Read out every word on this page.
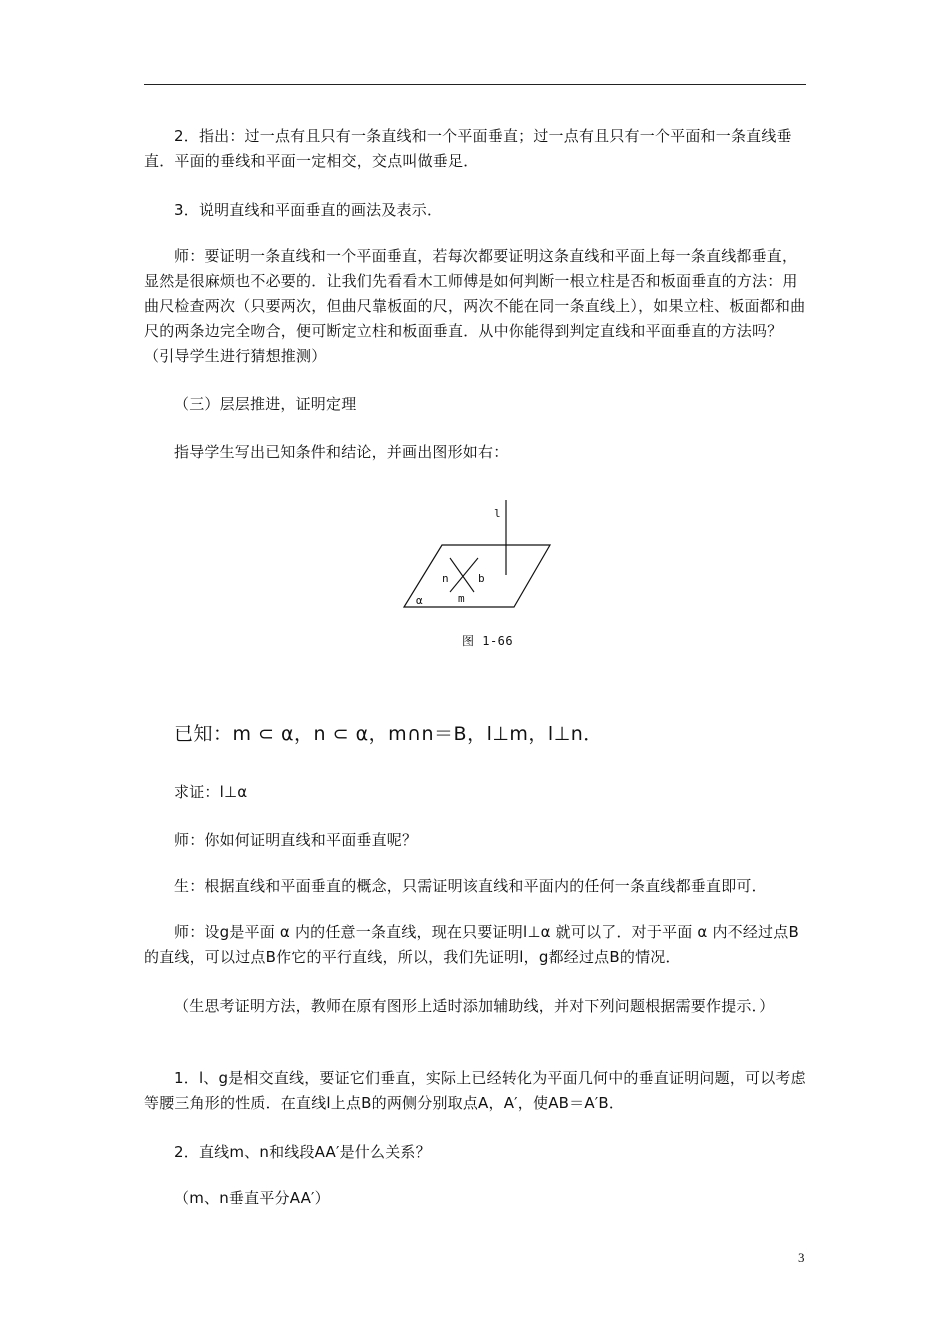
2．指出：过一点有且只有一条直线和一个平面垂直；过一点有且只有一个平面和一条直线垂直．平面的垂线和平面一定相交，交点叫做垂足．
3．说明直线和平面垂直的画法及表示．
师：要证明一条直线和一个平面垂直，若每次都要证明这条直线和平面上每一条直线都垂直，显然是很麻烦也不必要的．让我们先看看木工师傅是如何判断一根立柱是否和板面垂直的方法：用曲尺检查两次（只要两次，但曲尺靠板面的尺，两次不能在同一条直线上），如果立柱、板面都和曲尺的两条边完全吻合，便可断定立柱和板面垂直．从中你能得到判定直线和平面垂直的方法吗？（引导学生进行猜想推测）
（三）层层推进，证明定理
指导学生写出已知条件和结论，并画出图形如右：
l
n	b
m
α
图 1-66
已知：m ⊂ α，n ⊂ α，m∩n＝B，l⊥m，l⊥n．
求证：l⊥α
师：你如何证明直线和平面垂直呢？
生：根据直线和平面垂直的概念，只需证明该直线和平面内的任何一条直线都垂直即可．
师：设g是平面 α 内的任意一条直线，现在只要证明l⊥α 就可以了．对于平面 α 内不经过点B的直线，可以过点B作它的平行直线，所以，我们先证明l，g都经过点B的情况．
（生思考证明方法，教师在原有图形上适时添加辅助线，并对下列问题根据需要作提示．）
1．l、g是相交直线，要证它们垂直，实际上已经转化为平面几何中的垂直证明问题，可以考虑等腰三角形的性质．在直线l上点B的两侧分别取点A，A′，使AB＝A′B．
2．直线m、n和线段AA′是什么关系？
（m、n垂直平分AA′）
3
